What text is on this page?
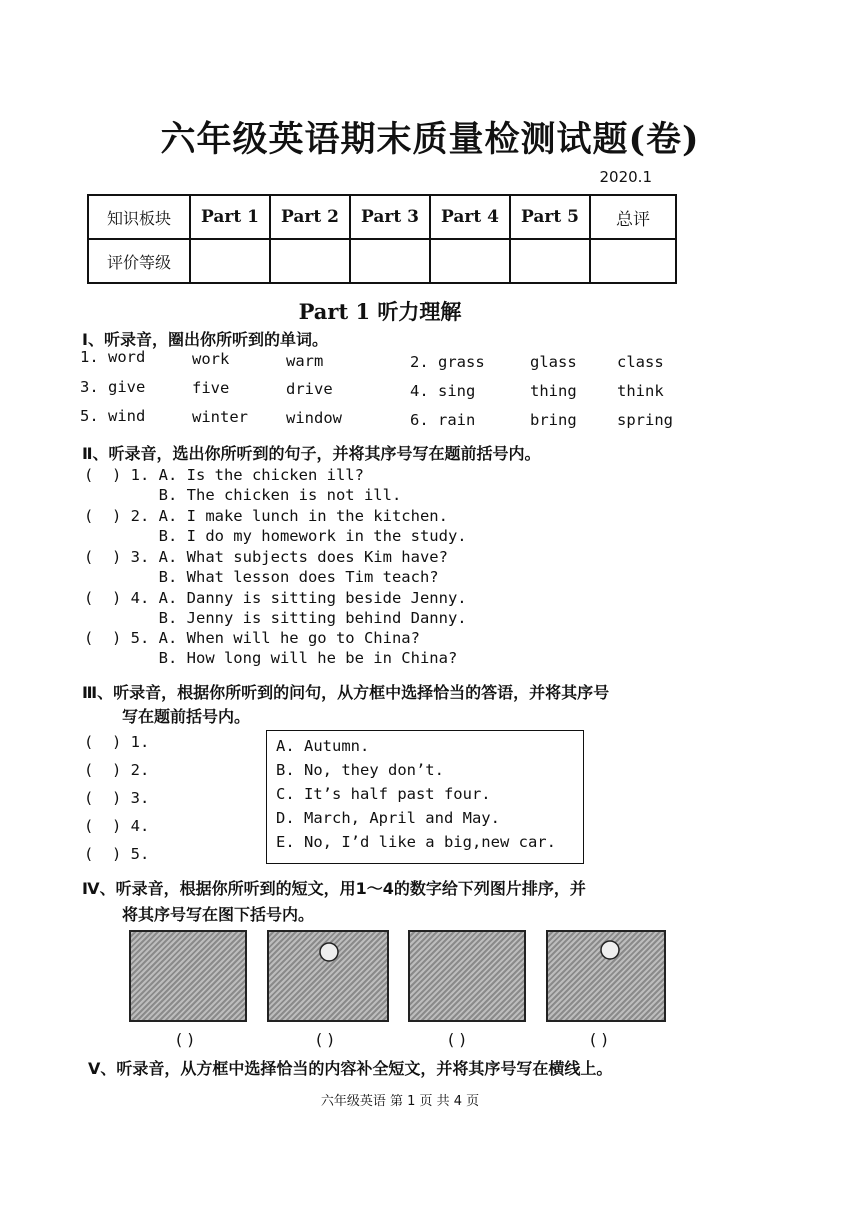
六年级英语期末质量检测试题(卷)
2020.1
知识板块	Part 1	Part 2	Part 3	Part 4	Part 5	总评
评价等级						
Part 1 听力理解
Ⅰ、听录音，圈出你所听到的单词。
1. word	work	warm	2. grass	glass	class
3. give	five	drive	4. sing	thing	think
5. wind	winter window	6. rain	bring	spring
Ⅱ、听录音，选出你所听到的句子，并将其序号写在题前括号内。

(  ) 1. A. Is the chicken ill?

B. The chicken is not ill.

(  ) 2. A. I make lunch in the kitchen.

B. I do my homework in the study.

(  ) 3. A. What subjects does Kim have?

B. What lesson does Tim teach?

(  ) 4. A. Danny is sitting beside Jenny.

B. Jenny is sitting behind Danny.

(  ) 5. A. When will he go to China?

B. How long will he be in China?

Ⅲ、听录音，根据你所听到的问句，从方框中选择恰当的答语，并将其序号
写在题前括号内。

(  ) 1.

(  ) 2.

(  ) 3.

(  ) 4.

(  ) 5.

A. Autumn.
B. No, they don’t.
C. It’s half past four.
D. March, April and May.
E. No, I’d like a big,new car.
Ⅳ、听录音，根据你所听到的短文，用1～4的数字给下列图片排序，并
将其序号写在图下括号内。
( )	( )	( )	( )
Ⅴ、听录音，从方框中选择恰当的内容补全短文，并将其序号写在横线上。
六年级英语 第 1 页 共 4 页
